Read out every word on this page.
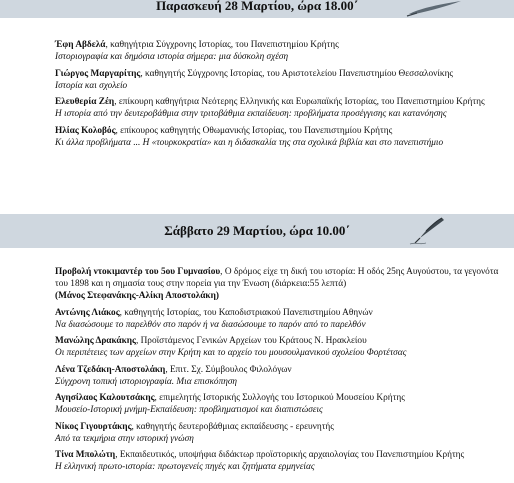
Παρασκευή 28 Μαρτίου, ώρα 18.00΄
Έφη Αβδελά, καθηγήτρια Σύγχρονης Ιστορίας, του Πανεπιστημίου Κρήτης
Ιστοριογραφία και δημόσια ιστορία σήμερα: μια δύσκολη σχέση
Γιώργος Μαργαρίτης, καθηγητής Σύγχρονης Ιστορίας, του Αριστοτελείου Πανεπιστημίου Θεσσαλονίκης
Ιστορία και σχολείο
Ελευθερία Ζέη, επίκουρη καθηγήτρια Νεότερης Ελληνικής και Ευρωπαϊκής Ιστορίας, του Πανεπιστημίου Κρήτης
Η ιστορία από την δευτεροβάθμια στην τριτοβάθμια εκπαίδευση: προβλήματα προσέγγισης και κατανόησης
Ηλίας Κολοβός, επίκουρος καθηγητής Οθωμανικής Ιστορίας, του Πανεπιστημίου Κρήτης
Κι άλλα προβλήματα ... Η «τουρκοκρατία» και η διδασκαλία της στα σχολικά βιβλία και στο πανεπιστήμιο
Σάββατο 29 Μαρτίου, ώρα 10.00΄
Προβολή ντοκιμαντέρ του 5ου Γυμνασίου, Ο δρόμος είχε τη δική του ιστορία: Η οδός 25ης Αυγούστου, τα γεγονότα του 1898 και η σημασία τους στην πορεία για την Ένωση (διάρκεια:55 λεπτά)
(Μάνος Στεφανάκης-Αλίκη Αποστολάκη)
Αντώνης Λιάκος, καθηγητής Ιστορίας, του Καποδιστριακού Πανεπιστημίου Αθηνών
Να διασώσουμε το παρελθόν στο παρόν ή να διασώσουμε το παρόν από το παρελθόν
Μανώλης Δρακάκης, Προϊστάμενος Γενικών Αρχείων του Κράτους Ν. Ηρακλείου
Οι περιπέτειες των αρχείων στην Κρήτη και το αρχείο του μουσουλμανικού σχολείου Φορτέτσας
Λένα Τζεδάκη-Αποστολάκη, Επιτ. Σχ. Σύμβουλος Φιλολόγων
Σύγχρονη τοπική ιστοριογραφία. Μια επισκόπηση
Αγησίλαος Καλουτσάκης, επιμελητής Ιστορικής Συλλογής του Ιστορικού Μουσείου Κρήτης
Μουσείο-Ιστορική μνήμη-Εκπαίδευση: προβληματισμοί και διαπιστώσεις
Νίκος Γιγουρτάκης, καθηγητής δευτεροβάθμιας εκπαίδευσης - ερευνητής
Από τα τεκμήρια στην ιστορική γνώση
Τίνα Μπολώτη, Εκπαιδευτικός, υποψήφια διδάκτωρ προϊστορικής αρχαιολογίας του Πανεπιστημίου Κρήτης
Η ελληνική πρωτο-ιστορία: πρωτογενείς πηγές και ζητήματα ερμηνείας
